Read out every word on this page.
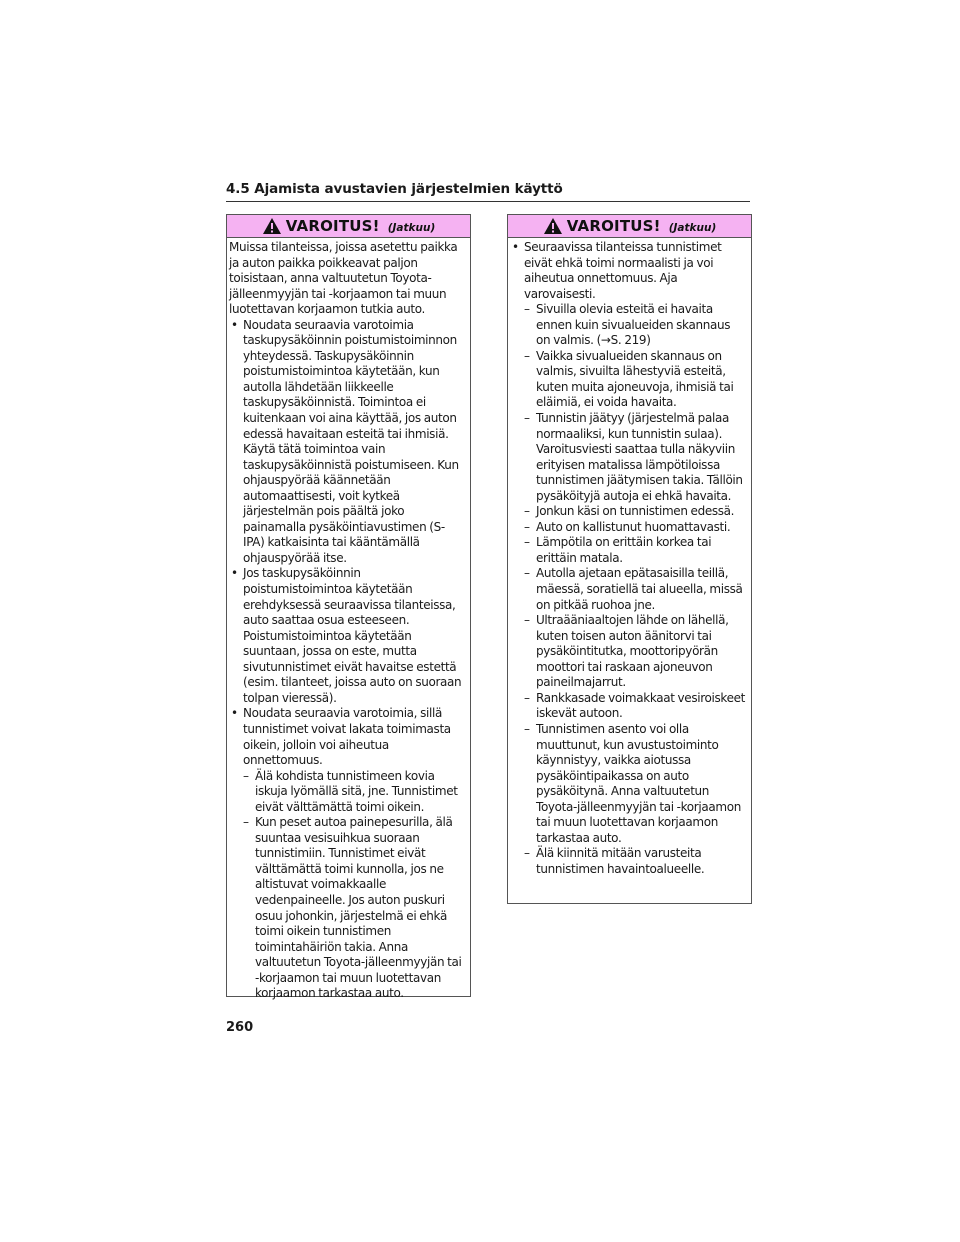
4.5 Ajamista avustavien järjestelmien käyttö
VAROITUS! (Jatkuu)

Muissa tilanteissa, joissa asetettu paikka ja auton paikka poikkeavat paljon toisistaan, anna valtuutetun Toyota-jälleenmyyjän tai -korjaamon tai muun luotettavan korjaamon tutkia auto.

• Noudata seuraavia varotoimia taskupysäköinnin poistumistoiminnon yhteydessä. Taskupysäköinnin poistumistoimintoa käytetään, kun autolla lähdetään liikkeelle taskupysäköinnistä. Toimintoa ei kuitenkaan voi aina käyttää, jos auton edessä havaitaan esteitä tai ihmisiä. Käytä tätä toimintoa vain taskupysäköinnistä poistumiseen. Kun ohjauspyörää käännetään automaattisesti, voit kytkeä järjestelmän pois päältä joko painamalla pysäköintiavustimen (S-IPA) katkaisinta tai kääntämällä ohjauspyörää itse.

• Jos taskupysäköinnin poistumistoimintoa käytetään erehdyksessä seuraavissa tilanteissa, auto saattaa osua esteeseen. Poistumistoimintoa käytetään suuntaan, jossa on este, mutta sivutunnistimet eivät havaitse estettä (esim. tilanteet, joissa auto on suoraan tolpan vieressä).

• Noudata seuraavia varotoimia, sillä tunnistimet voivat lakata toimimasta oikein, jolloin voi aiheutua onnettomuus.

– Älä kohdista tunnistimeen kovia iskuja lyömällä sitä, jne. Tunnistimet eivät välttämättä toimi oikein.

– Kun peset autoa painepesurilla, älä suuntaa vesisuihkua suoraan tunnistimiin. Tunnistimet eivät välttämättä toimi kunnolla, jos ne altistuvat voimakkaalle vedenpaineelle. Jos auton puskuri osuu johonkin, järjestelmä ei ehkä toimi oikein tunnistimen toimintahäiriön takia. Anna valtuutetun Toyota-jälleenmyyjän tai -korjaamon tai muun luotettavan korjaamon tarkastaa auto.

VAROITUS! (Jatkuu)

• Seuraavissa tilanteissa tunnistimet eivät ehkä toimi normaalisti ja voi aiheutua onnettomuus. Aja varovaisesti.

– Sivuilla olevia esteitä ei havaita ennen kuin sivualueiden skannaus on valmis. (→S. 219)

– Vaikka sivualueiden skannaus on valmis, sivuilta lähestyviä esteitä, kuten muita ajoneuvoja, ihmisiä tai eläimiä, ei voida havaita.

– Tunnistin jäätyy (järjestelmä palaa normaaliksi, kun tunnistin sulaa). Varoitusviesti saattaa tulla näkyviin erityisen matalissa lämpötiloissa tunnistimen jäätymisen takia. Tällöin pysäköityjä autoja ei ehkä havaita.

– Jonkun käsi on tunnistimen edessä.

– Auto on kallistunut huomattavasti.

– Lämpötila on erittäin korkea tai erittäin matala.

– Autolla ajetaan epätasaisilla teillä, mäessä, soratiellä tai alueella, missä on pitkää ruohoa jne.

– Ultraääniaaltojen lähde on lähellä, kuten toisen auton äänitorvi tai pysäköintitutka, moottoripyörän moottori tai raskaan ajoneuvon paineilmajarrut.

– Rankkasade voimakkaat vesiroiskeet iskevät autoon.

– Tunnistimen asento voi olla muuttunut, kun avustustoiminto käynnistyy, vaikka aiotussa pysäköintipaikassa on auto pysäköitynä. Anna valtuutetun Toyota-jälleenmyyjän tai -korjaamon tai muun luotettavan korjaamon tarkastaa auto.

– Älä kiinnitä mitään varusteita tunnistimen havaintoalueelle.

260
